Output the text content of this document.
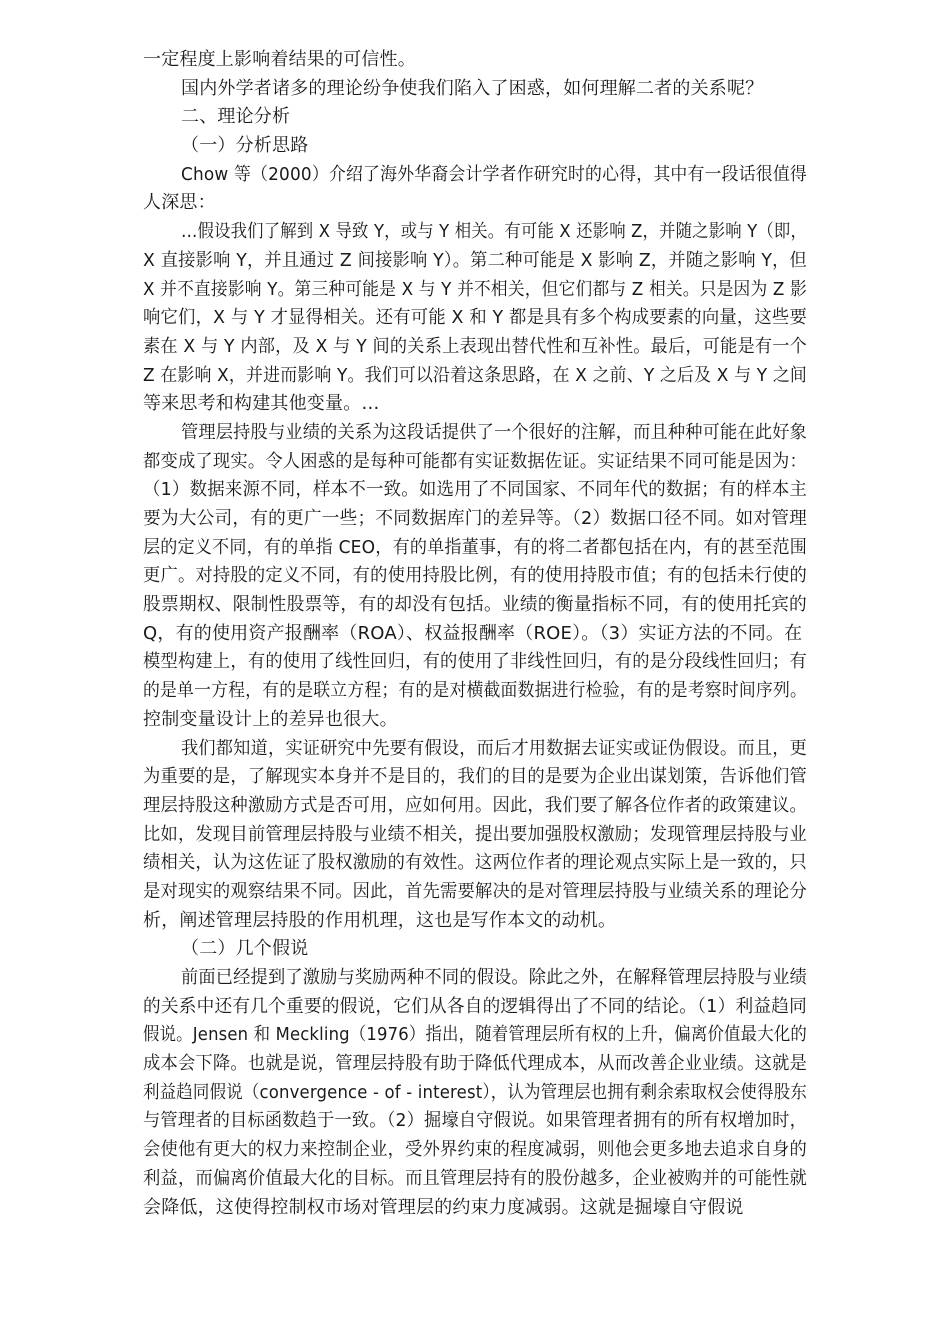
一定程度上影响着结果的可信性。
国内外学者诸多的理论纷争使我们陷入了困惑，如何理解二者的关系呢？
二、理论分析
（一）分析思路
Chow 等（2000）介绍了海外华裔会计学者作研究时的心得，其中有一段话很值得
人深思：
…假设我们了解到 X 导致 Y，或与 Y 相关。有可能 X 还影响 Z，并随之影响 Y（即，
X 直接影响 Y，并且通过 Z 间接影响 Y）。第二种可能是 X 影响 Z，并随之影响 Y，但
X 并不直接影响 Y。第三种可能是 X 与 Y 并不相关，但它们都与 Z 相关。只是因为 Z 影
响它们，X 与 Y 才显得相关。还有可能 X 和 Y 都是具有多个构成要素的向量，这些要
素在 X 与 Y 内部，及 X 与 Y 间的关系上表现出替代性和互补性。最后，可能是有一个
Z 在影响 X，并进而影响 Y。我们可以沿着这条思路，在 X 之前、Y 之后及 X 与 Y 之间
等来思考和构建其他变量。…
管理层持股与业绩的关系为这段话提供了一个很好的注解，而且种种可能在此好象
都变成了现实。令人困惑的是每种可能都有实证数据佐证。实证结果不同可能是因为：
（1）数据来源不同，样本不一致。如选用了不同国家、不同年代的数据；有的样本主
要为大公司，有的更广一些；不同数据库门的差异等。（2）数据口径不同。如对管理
层的定义不同，有的单指 CEO，有的单指董事，有的将二者都包括在内，有的甚至范围
更广。对持股的定义不同，有的使用持股比例，有的使用持股市值；有的包括未行使的
股票期权、限制性股票等，有的却没有包括。业绩的衡量指标不同，有的使用托宾的
Q，有的使用资产报酬率（ROA）、权益报酬率（ROE）。（3）实证方法的不同。在
模型构建上，有的使用了线性回归，有的使用了非线性回归，有的是分段线性回归；有
的是单一方程，有的是联立方程；有的是对横截面数据进行检验，有的是考察时间序列。
控制变量设计上的差异也很大。
我们都知道，实证研究中先要有假设，而后才用数据去证实或证伪假设。而且，更
为重要的是，了解现实本身并不是目的，我们的目的是要为企业出谋划策，告诉他们管
理层持股这种激励方式是否可用，应如何用。因此，我们要了解各位作者的政策建议。
比如，发现目前管理层持股与业绩不相关，提出要加强股权激励；发现管理层持股与业
绩相关，认为这佐证了股权激励的有效性。这两位作者的理论观点实际上是一致的，只
是对现实的观察结果不同。因此，首先需要解决的是对管理层持股与业绩关系的理论分
析，阐述管理层持股的作用机理，这也是写作本文的动机。
（二）几个假说
前面已经提到了激励与奖励两种不同的假设。除此之外，在解释管理层持股与业绩
的关系中还有几个重要的假说，它们从各自的逻辑得出了不同的结论。（1）利益趋同
假说。Jensen 和 Meckling（1976）指出，随着管理层所有权的上升，偏离价值最大化的
成本会下降。也就是说，管理层持股有助于降低代理成本，从而改善企业业绩。这就是
利益趋同假说（convergence - of - interest），认为管理层也拥有剩余索取权会使得股东
与管理者的目标函数趋于一致。（2）掘壕自守假说。如果管理者拥有的所有权增加时，
会使他有更大的权力来控制企业，受外界约束的程度减弱，则他会更多地去追求自身的
利益，而偏离价值最大化的目标。而且管理层持有的股份越多，企业被购并的可能性就
会降低，这使得控制权市场对管理层的约束力度减弱。这就是掘壕自守假说
